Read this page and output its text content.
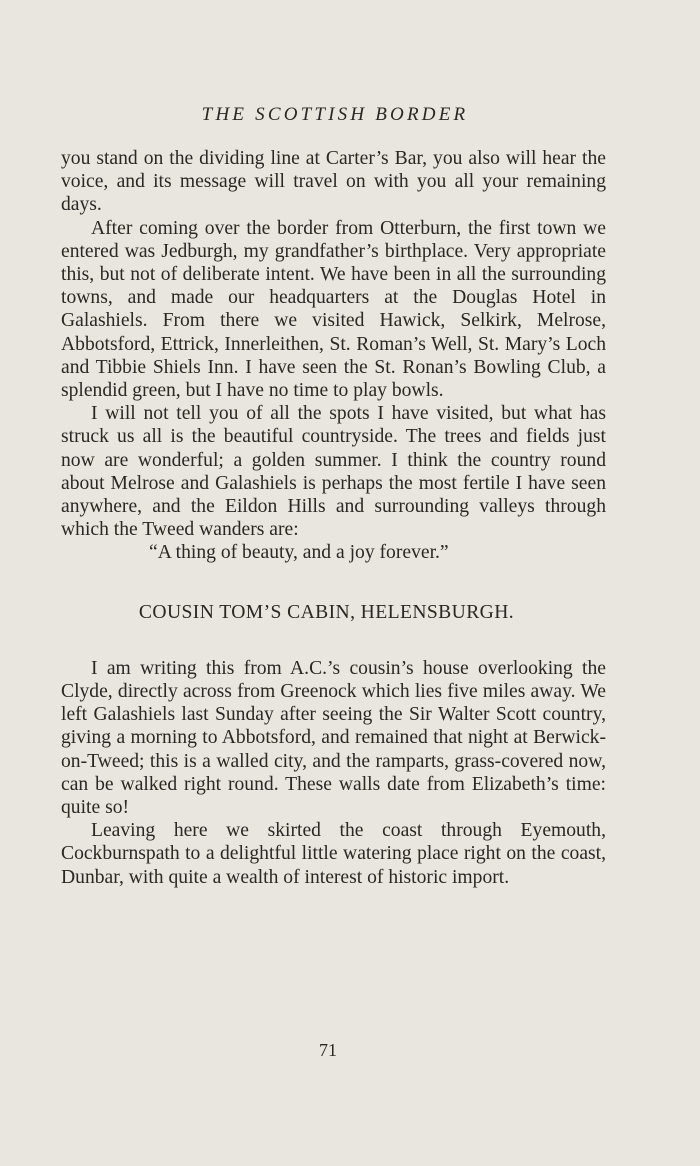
THE SCOTTISH BORDER

you stand on the dividing line at Carter’s Bar, you also will hear the voice, and its message will travel on with you all your remaining days.

After coming over the border from Otterburn, the first town we entered was Jedburgh, my grandfather’s birthplace. Very appropriate this, but not of deliberate intent. We have been in all the surrounding towns, and made our headquarters at the Douglas Hotel in Galashiels. From there we visited Hawick, Selkirk, Melrose, Abbotsford, Ettrick, Innerleithen, St. Roman’s Well, St. Mary’s Loch and Tibbie Shiels Inn. I have seen the St. Ronan’s Bowling Club, a splendid green, but I have no time to play bowls.

I will not tell you of all the spots I have visited, but what has struck us all is the beautiful countryside. The trees and fields just now are wonderful; a golden summer. I think the country round about Melrose and Galashiels is perhaps the most fertile I have seen anywhere, and the Eildon Hills and surrounding valleys through which the Tweed wanders are:

“A thing of beauty, and a joy forever.”

COUSIN TOM’S CABIN, HELENSBURGH.

I am writing this from A.C.’s cousin’s house overlooking the Clyde, directly across from Greenock which lies five miles away. We left Galashiels last Sunday after seeing the Sir Walter Scott country, giving a morning to Abbotsford, and remained that night at Berwick-on-Tweed; this is a walled city, and the ramparts, grass-covered now, can be walked right round. These walls date from Elizabeth’s time: quite so!

Leaving here we skirted the coast through Eyemouth, Cockburnspath to a delightful little watering place right on the coast, Dunbar, with quite a wealth of interest of historic import.

71
